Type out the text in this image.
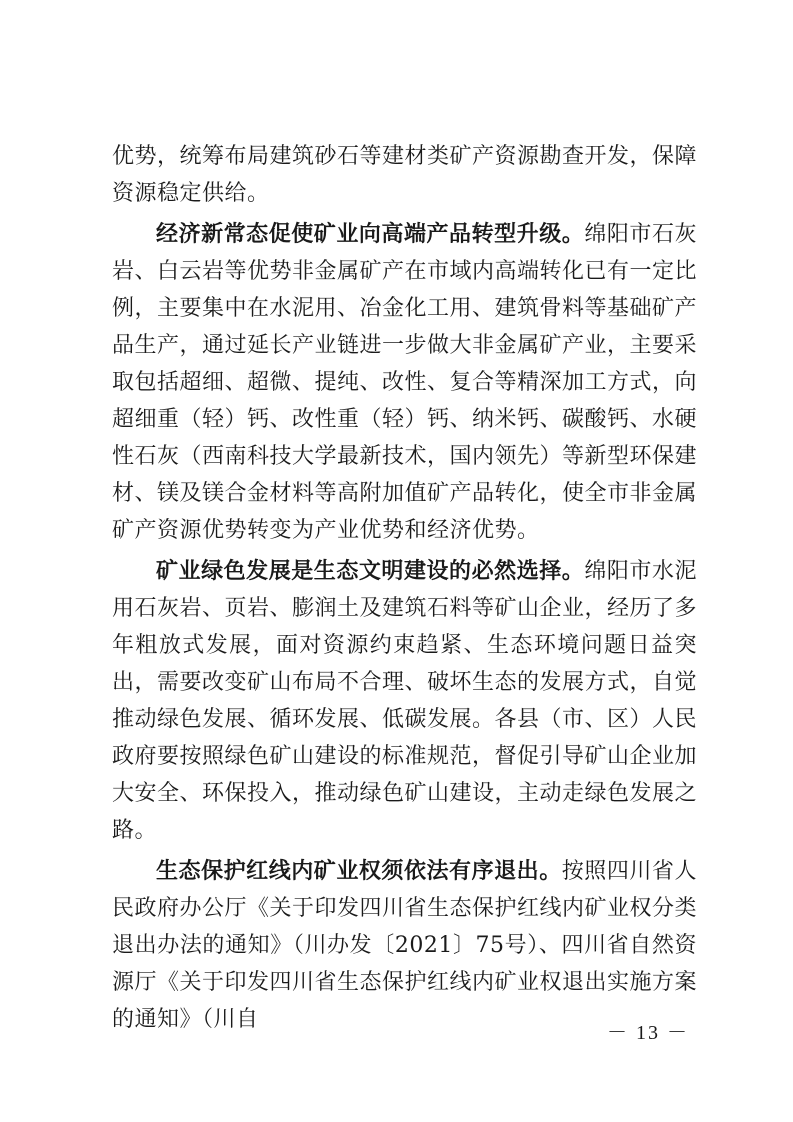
优势，统筹布局建筑砂石等建材类矿产资源勘查开发，保障资源稳定供给。

经济新常态促使矿业向高端产品转型升级。绵阳市石灰岩、白云岩等优势非金属矿产在市域内高端转化已有一定比例，主要集中在水泥用、冶金化工用、建筑骨料等基础矿产品生产，通过延长产业链进一步做大非金属矿产业，主要采取包括超细、超微、提纯、改性、复合等精深加工方式，向超细重（轻）钙、改性重（轻）钙、纳米钙、碳酸钙、水硬性石灰（西南科技大学最新技术，国内领先）等新型环保建材、镁及镁合金材料等高附加值矿产品转化，使全市非金属矿产资源优势转变为产业优势和经济优势。

矿业绿色发展是生态文明建设的必然选择。绵阳市水泥用石灰岩、页岩、膨润土及建筑石料等矿山企业，经历了多年粗放式发展，面对资源约束趋紧、生态环境问题日益突出，需要改变矿山布局不合理、破坏生态的发展方式，自觉推动绿色发展、循环发展、低碳发展。各县（市、区）人民政府要按照绿色矿山建设的标准规范，督促引导矿山企业加大安全、环保投入，推动绿色矿山建设，主动走绿色发展之路。

生态保护红线内矿业权须依法有序退出。按照四川省人民政府办公厅《关于印发四川省生态保护红线内矿业权分类退出办法的通知》（川办发〔2021〕75号）、四川省自然资源厅《关于印发四川省生态保护红线内矿业权退出实施方案的通知》（川自

－ 13 －
